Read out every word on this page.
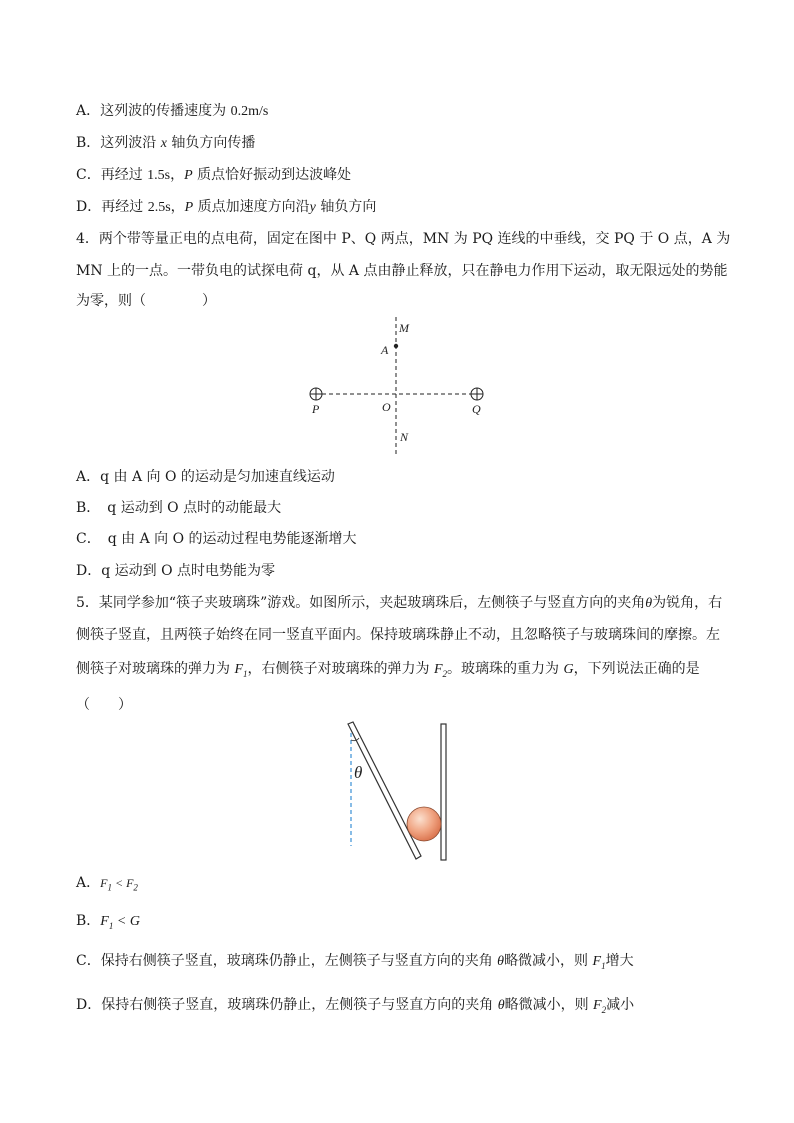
A．这列波的传播速度为 0.2m/s
B．这列波沿 x 轴负方向传播
C．再经过 1.5s，P 质点恰好振动到达波峰处
D．再经过 2.5s，P 质点加速度方向沿y 轴负方向
4．两个带等量正电的点电荷，固定在图中 P、Q 两点，MN 为 PQ 连线的中垂线，交 PQ 于 O 点，A 为
MN 上的一点。一带负电的试探电荷 q，从 A 点由静止释放，只在静电力作用下运动，取无限远处的势能
为零，则（　　　　）
M
A
P	O	Q
N
A．q 由 A 向 O 的运动是匀加速直线运动
B．　q 运动到 O 点时的动能最大
C．　q 由 A 向 O 的运动过程电势能逐渐增大
D．q 运动到 O 点时电势能为零
5．某同学参加“筷子夹玻璃珠”游戏。如图所示，夹起玻璃珠后，左侧筷子与竖直方向的夹角θ为锐角，右
侧筷子竖直，且两筷子始终在同一竖直平面内。保持玻璃珠静止不动，且忽略筷子与玻璃珠间的摩擦。左
侧筷子对玻璃珠的弹力为 $F_1$，右侧筷子对玻璃珠的弹力为 $F_2$。玻璃珠的重力为 G，下列说法正确的是
（　　）
θ
A．$F_1 < F_2$
B．$F_1 < G$
C．保持右侧筷子竖直，玻璃珠仍静止，左侧筷子与竖直方向的夹角 θ略微减小，则 $F_1$增大
D．保持右侧筷子竖直，玻璃珠仍静止，左侧筷子与竖直方向的夹角 θ略微减小，则 $F_2$减小
